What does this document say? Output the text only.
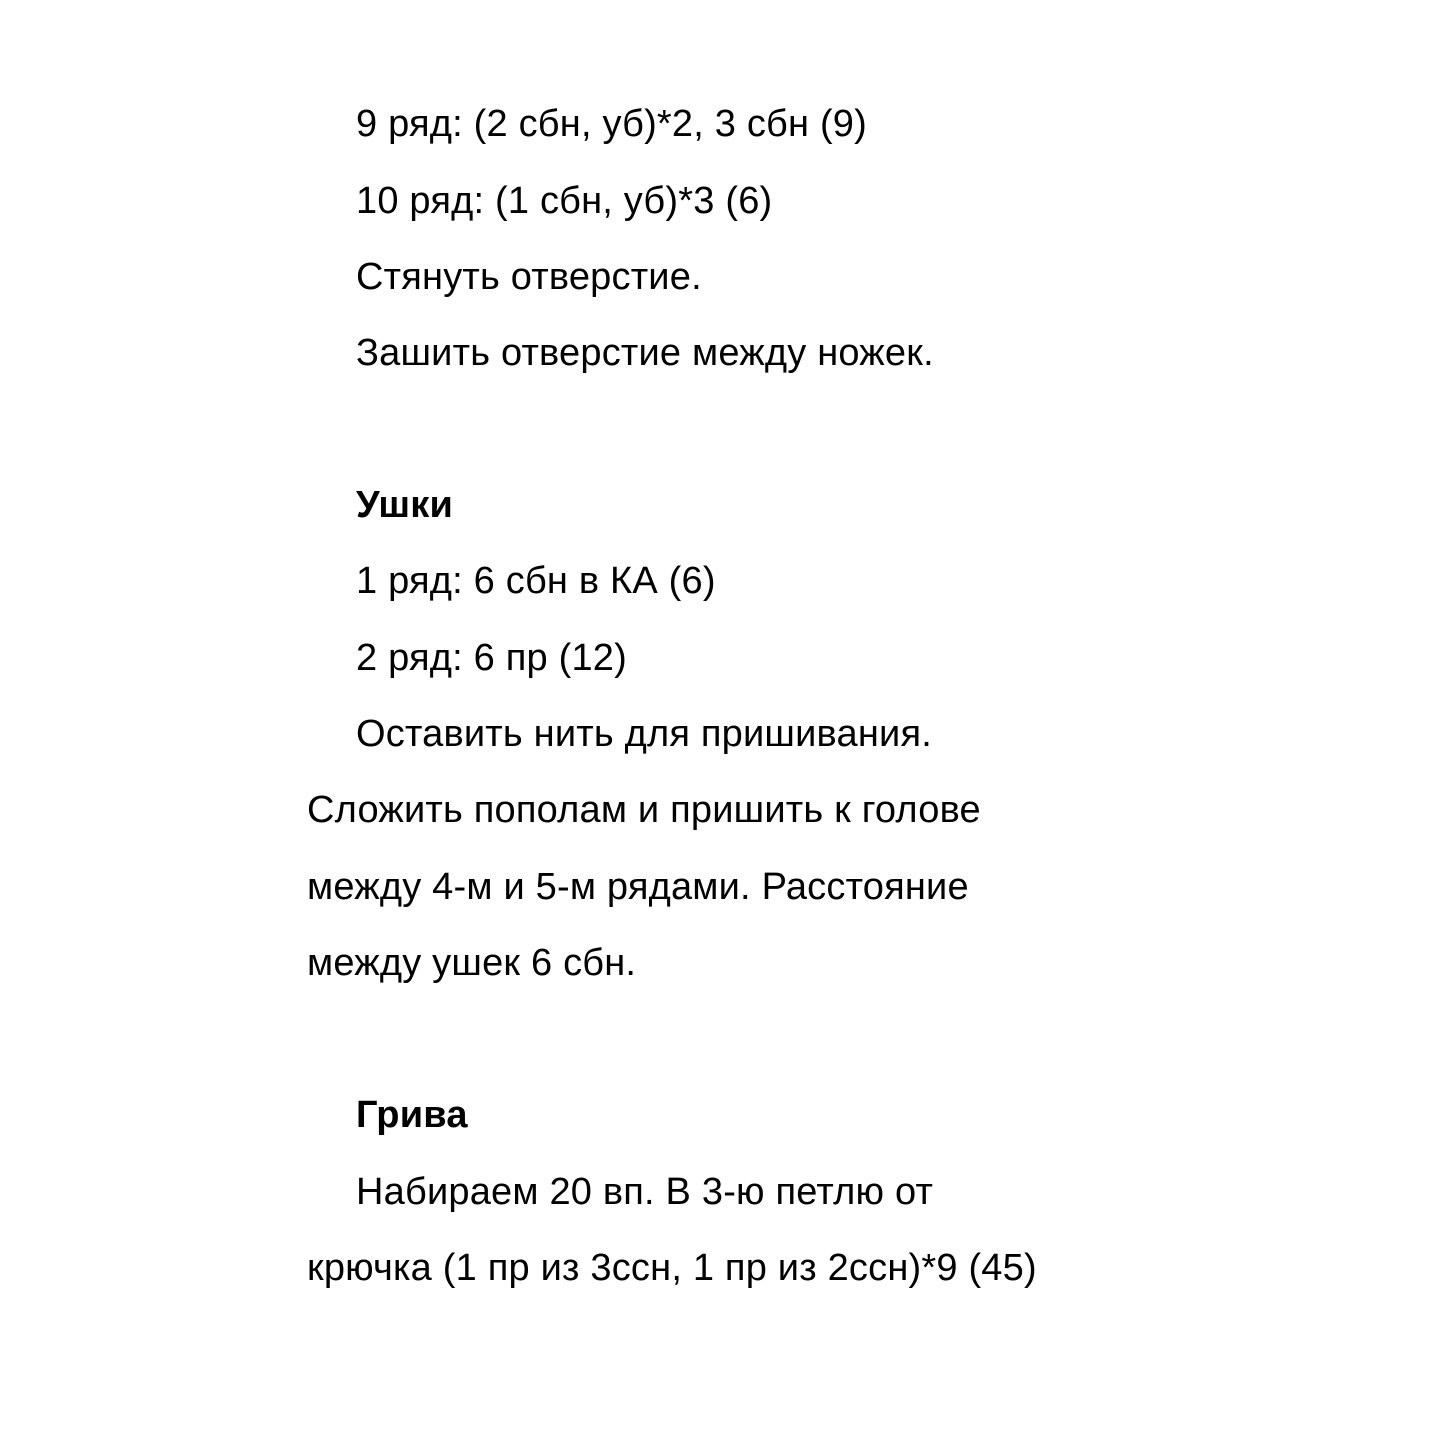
9 ряд: (2 сбн, уб)*2, 3 сбн (9)
10 ряд: (1 сбн, уб)*3 (6)
Стянуть отверстие.
Зашить отверстие между ножек.
Ушки
1 ряд: 6 сбн в КА (6)
2 ряд: 6 пр (12)
Оставить нить для пришивания.
Сложить пополам и пришить к голове
между 4-м и 5-м рядами. Расстояние
между ушек 6 сбн.
Грива
Набираем 20 вп. В 3-ю петлю от
крючка (1 пр из 3ссн, 1 пр из 2ссн)*9 (45)
